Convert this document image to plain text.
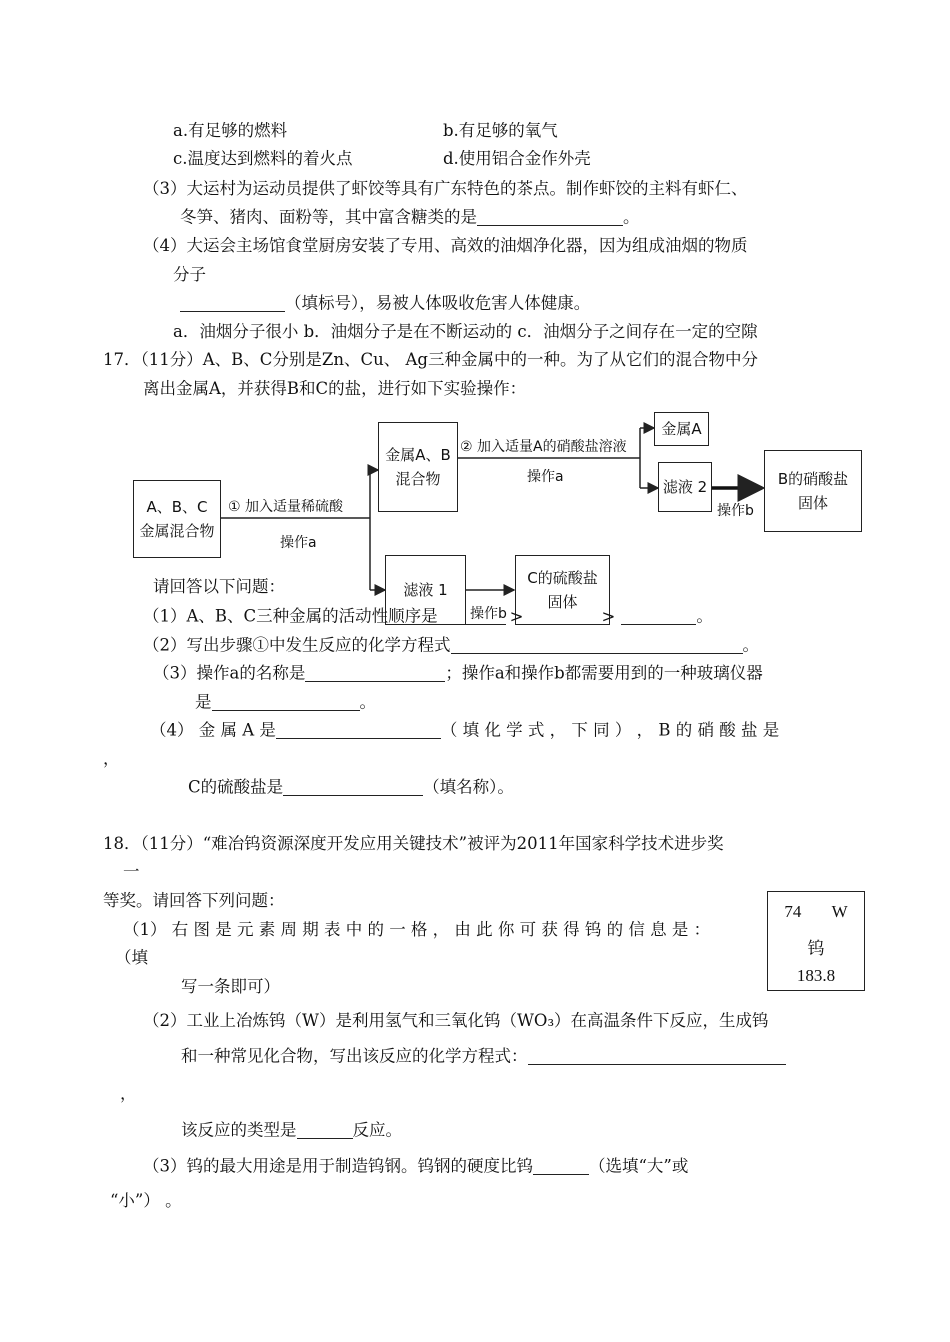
a.有足够的燃料	b.有足够的氧气
c.温度达到燃料的着火点	d.使用铝合金作外壳
（3）大运村为运动员提供了虾饺等具有广东特色的茶点。制作虾饺的主料有虾仁、
冬笋、猪肉、面粉等，其中富含糖类的是	。
（4）大运会主场馆食堂厨房安装了专用、高效的油烟净化器，因为组成油烟的物质
分子
（填标号），易被人体吸收危害人体健康。
a．油烟分子很小 b．油烟分子是在不断运动的 c．油烟分子之间存在一定的空隙
17．（11分）A、B、C分别是Zn、Cu、 Ag三种金属中的一种。为了从它们的混合物中分
离出金属A，并获得B和C的盐，进行如下实验操作：
A、B、C
金属混合物
① 加入适量稀硫酸
操作a
金属A、B
混合物
② 加入适量A的硝酸盐溶液
操作a
金属A
滤液 2
操作b
B的硝酸盐
固体
滤液 1
C的硫酸盐
固体
操作b
请回答以下问题：
（1）A、B、C三种金属的活动性顺序是	>	>	。
（2）写出步骤①中发生反应的化学方程式	。
（3）操作a的名称是	；操作a和操作b都需要用到的一种玻璃仪器
是	。
（4） 金 属 A 是	（ 填 化 学 式 ， 下 同 ） ， B 的 硝 酸 盐 是
，
C的硫酸盐是	（填名称）。
18．（11分）“难冶钨资源深度开发应用关键技术”被评为2011年国家科学技术进步奖
一
等奖。请回答下列问题：
（1） 右 图 是 元 素 周 期 表 中 的 一 格 ， 由 此 你 可 获 得 钨 的 信 息 是 ：
（填
写一条即可）
74 W
钨
183.8
（2）工业上冶炼钨（W）是利用氢气和三氧化钨（WO₃）在高温条件下反应，生成钨
和一种常见化合物，写出该反应的化学方程式：
，
该反应的类型是	反应。
（3）钨的最大用途是用于制造钨钢。钨钢的硬度比钨	（选填“大”或
“小”） 。
